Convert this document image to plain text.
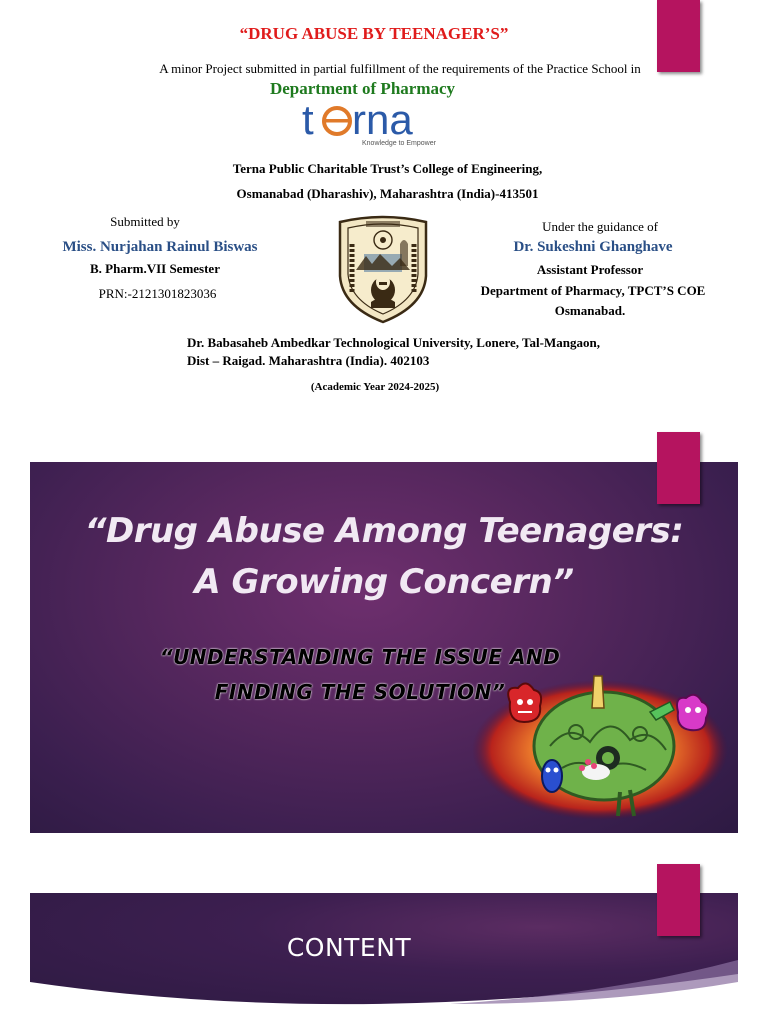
“DRUG ABUSE BY TEENAGER’S”
A minor Project submitted in partial fulfillment of the requirements of the Practice School in
Department of Pharmacy
t rna
Knowledge to Empower
Terna Public Charitable Trust’s College of Engineering,
Osmanabad (Dharashiv), Maharashtra (India)-413501
Submitted by
Miss. Nurjahan Rainul Biswas
B. Pharm.VII Semester
PRN:-2121301823036
Under the guidance of
Dr. Sukeshni Ghanghave
Assistant Professor
Department of Pharmacy, TPCT’S COE
Osmanabad.
Dr. Babasaheb Ambedkar Technological University, Lonere, Tal-Mangaon, Dist – Raigad. Maharashtra (India). 402103
(Academic Year 2024-2025)
“Drug Abuse Among Teenagers:
A Growing Concern”
“UNDERSTANDING THE ISSUE AND
FINDING THE SOLUTION”
CONTENT
